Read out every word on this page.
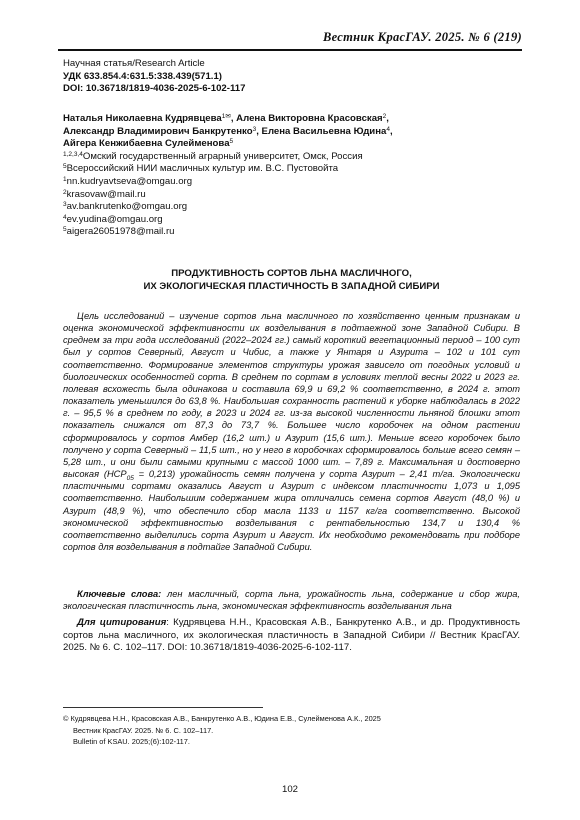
Вестник КрасГАУ. 2025. № 6 (219)
Научная статья/Research Article
УДК 633.854.4:631.5:338.439(571.1)
DOI: 10.36718/1819-4036-2025-6-102-117
Наталья Николаевна Кудрявцева$^{1✉}$, Алена Викторовна Красовская$^2$,
Александр Владимирович Банкрутенко$^3$, Елена Васильевна Юдина$^4$,
Айгера Кенжибаевна Сулейменова$^5$
$^{1,2,3,4}$Омский государственный аграрный университет, Омск, Россия
$^5$Всероссийский НИИ масличных культур им. В.С. Пустовойта
$^1$nn.kudryavtseva@omgau.org
$^2$krasovaw@mail.ru
$^3$av.bankrutenko@omgau.org
$^4$ev.yudina@omgau.org
$^5$aigera26051978@mail.ru
ПРОДУКТИВНОСТЬ СОРТОВ ЛЬНА МАСЛИЧНОГО,
ИХ ЭКОЛОГИЧЕСКАЯ ПЛАСТИЧНОСТЬ В ЗАПАДНОЙ СИБИРИ

Цель исследований – изучение сортов льна масличного по хозяйственно ценным признакам и оценка экономической эффективности их возделывания в подтаежной зоне Западной Сибири. В среднем за три года исследований (2022–2024 гг.) самый короткий вегетационный период – 100 сут был у сортов Северный, Август и Чибис, а также у Янтаря и Азурита – 102 и 101 сут соответственно. Формирование элементов структуры урожая зависело от погодных условий и биологических особенностей сорта. В среднем по сортам в условиях теплой весны 2022 и 2023 гг. полевая всхожесть была одинакова и составила 69,9 и 69,2 % соответственно, в 2024 г. этот показатель уменьшился до 63,8 %. Наибольшая сохранность растений к уборке наблюдалась в 2022 г. – 95,5 % в среднем по году, в 2023 и 2024 гг. из-за высокой численности льняной блошки этот показатель снижался от 87,3 до 73,7 %. Большее число коробочек на одном растении сформировалось у сортов Амбер (16,2 шт.) и Азурит (15,6 шт.). Меньше всего коробочек было получено у сорта Северный – 11,5 шт., но у него в коробочках сформировалось больше всего семян – 5,28 шт., и они были самыми крупными с массой 1000 шт. – 7,89 г. Максимальная и достоверно высокая $(НСР_{05} = 0,213)$ урожайность семян получена у сорта Азурит – 2,41 т/га. Экологически пластичными сортами оказались Август и Азурит с индексом пластичности 1,073 и 1,095 соответственно. Наибольшим содержанием жира отличались семена сортов Август (48,0 %) и Азурит (48,9 %), что обеспечило сбор масла 1133 и 1157 кг/га соответственно. Высокой экономической эффективностью возделывания с рентабельностью 134,7 и 130,4 % соответственно выделились сорта Азурит и Август. Их необходимо рекомендовать при подборе сортов для возделывания в подтайге Западной Сибири.

Ключевые слова: лен масличный, сорта льна, урожайность льна, содержание и сбор жира, экологическая пластичность льна, экономическая эффективность возделывания льна

Для цитирования: Кудрявцева Н.Н., Красовская А.В., Банкрутенко А.В., и др. Продуктивность сортов льна масличного, их экологическая пластичность в Западной Сибири // Вестник КрасГАУ. 2025. № 6. С. 102–117. DOI: 10.36718/1819-4036-2025-6-102-117.

© Кудрявцева Н.Н., Красовская А.В., Банкрутенко А.В., Юдина Е.В., Сулейменова А.К., 2025
Вестник КрасГАУ. 2025. № 6. С. 102–117.
Bulletin of KSAU. 2025;(6):102-117.
102
